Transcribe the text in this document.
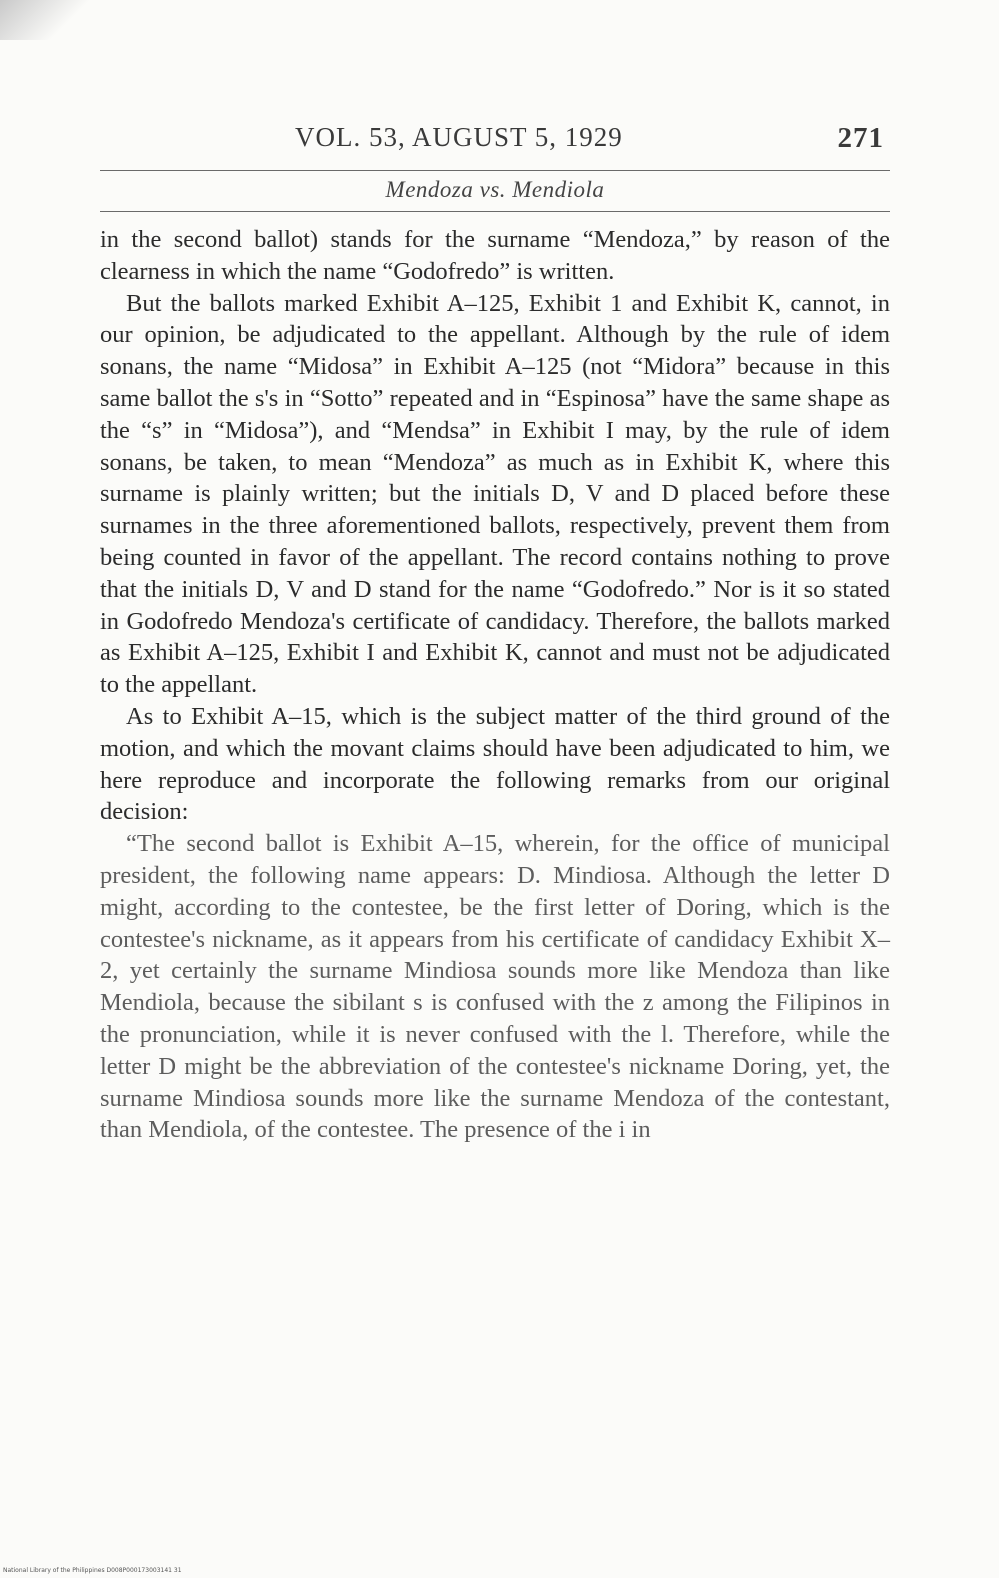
VOL. 53, AUGUST 5, 1929	271
Mendoza vs. Mendiola

in the second ballot) stands for the surname “Mendoza,” by reason of the clearness in which the name “Godofredo” is written.

But the ballots marked Exhibit A–125, Exhibit 1 and Exhibit K, cannot, in our opinion, be adjudicated to the appellant. Although by the rule of idem sonans, the name “Midosa” in Exhibit A–125 (not “Midora” because in this same ballot the s's in “Sotto” repeated and in “Espinosa” have the same shape as the “s” in “Midosa”), and “Mendsa” in Exhibit I may, by the rule of idem sonans, be taken, to mean “Mendoza” as much as in Exhibit K, where this surname is plainly written; but the initials D, V and D placed before these surnames in the three aforementioned ballots, respectively, prevent them from being counted in favor of the appellant. The record contains nothing to prove that the initials D, V and D stand for the name “Godofredo.” Nor is it so stated in Godofredo Mendoza's certificate of candidacy. Therefore, the ballots marked as Exhibit A–125, Exhibit I and Exhibit K, cannot and must not be adjudicated to the appellant.

As to Exhibit A–15, which is the subject matter of the third ground of the motion, and which the movant claims should have been adjudicated to him, we here reproduce and incorporate the following remarks from our original decision:

“The second ballot is Exhibit A–15, wherein, for the office of municipal president, the following name appears: D. Mindiosa. Although the letter D might, according to the contestee, be the first letter of Doring, which is the contestee's nickname, as it appears from his certificate of candidacy Exhibit X–2, yet certainly the surname Mindiosa sounds more like Mendoza than like Mendiola, because the sibilant s is confused with the z among the Filipinos in the pronunciation, while it is never confused with the l. Therefore, while the letter D might be the abbreviation of the contestee's nickname Doring, yet, the surname Mindiosa sounds more like the surname Mendoza of the contestant, than Mendiola, of the contestee. The presence of the i in

National Library of the Philippines D008P000173003141 31
